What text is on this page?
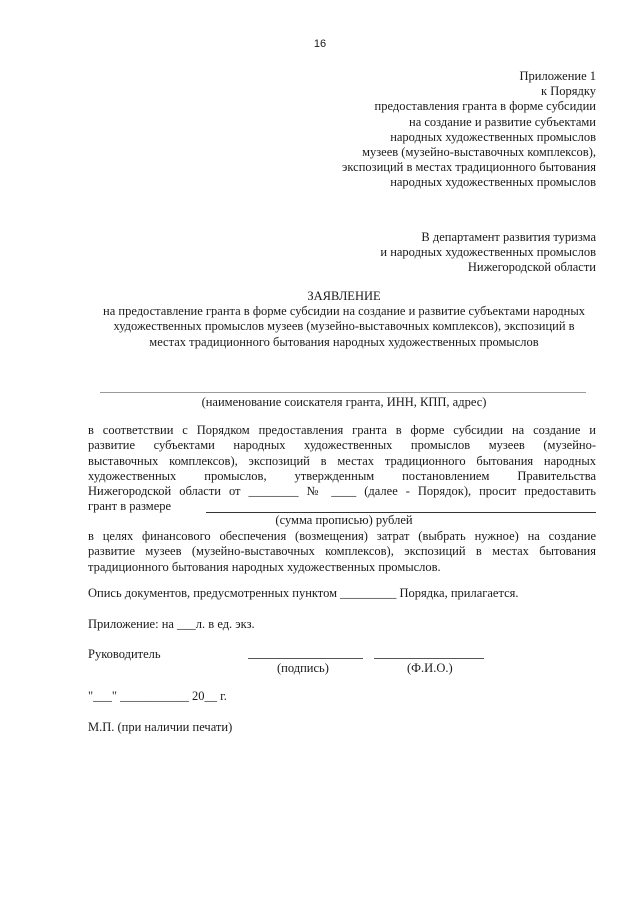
16
Приложение 1
к Порядку
предоставления гранта в форме субсидии
на создание и развитие субъектами
народных художественных промыслов
музеев (музейно-выставочных комплексов),
экспозиций в местах традиционного бытования
народных художественных промыслов
В департамент развития туризма
и народных художественных промыслов
Нижегородской области
ЗАЯВЛЕНИЕ
на предоставление гранта в форме субсидии на создание и развитие субъектами народных
художественных промыслов музеев (музейно-выставочных комплексов), экспозиций в
местах традиционного бытования народных художественных промыслов
(наименование соискателя гранта, ИНН, КПП, адрес)
в соответствии с Порядком предоставления гранта в форме субсидии на создание и
развитие субъектами народных художественных промыслов музеев (музейно-
выставочных комплексов), экспозиций в местах традиционного бытования народных
художественных промыслов, утвержденным постановлением Правительства
Нижегородской области от ________ № ____ (далее - Порядок), просит предоставить
грант в размере
(сумма прописью) рублей
в целях финансового обеспечения (возмещения) затрат (выбрать нужное) на создание
развитие музеев (музейно-выставочных комплексов), экспозиций в местах бытования
традиционного бытования народных художественных промыслов.
Опись документов, предусмотренных пунктом _________ Порядка, прилагается.
Приложение: на ___л. в ед. экз.
Руководитель
(подпись)	(Ф.И.О.)
"___" ___________ 20__ г.
М.П. (при наличии печати)
